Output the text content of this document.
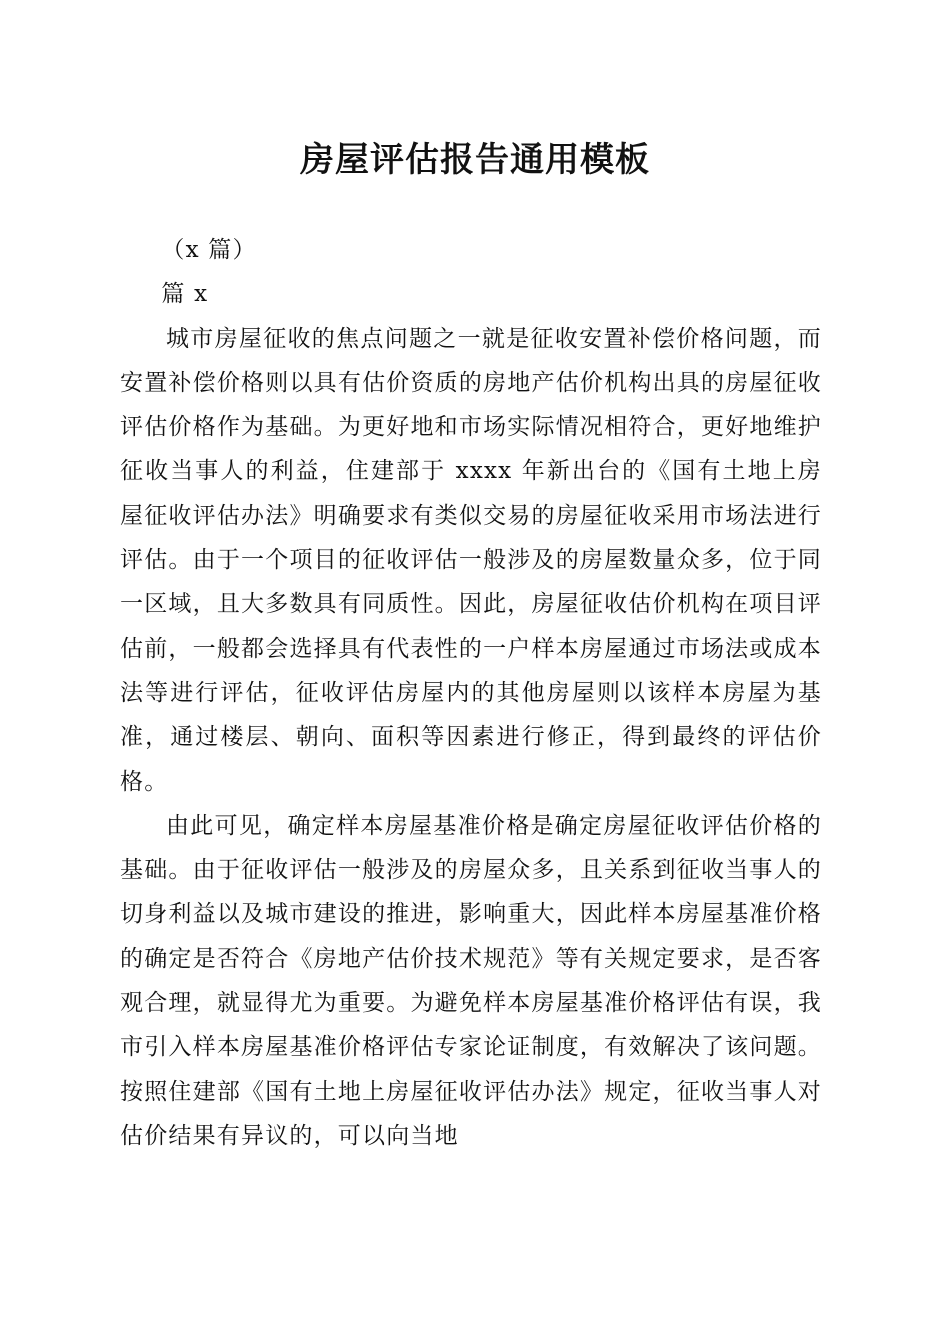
房屋评估报告通用模板

（x 篇）

篇 x

城市房屋征收的焦点问题之一就是征收安置补偿价格问题，而安置补偿价格则以具有估价资质的房地产估价机构出具的房屋征收评估价格作为基础。为更好地和市场实际情况相符合，更好地维护征收当事人的利益，住建部于 xxxx 年新出台的《国有土地上房屋征收评估办法》明确要求有类似交易的房屋征收采用市场法进行评估。由于一个项目的征收评估一般涉及的房屋数量众多，位于同一区域，且大多数具有同质性。因此，房屋征收估价机构在项目评估前，一般都会选择具有代表性的一户样本房屋通过市场法或成本法等进行评估，征收评估房屋内的其他房屋则以该样本房屋为基准，通过楼层、朝向、面积等因素进行修正，得到最终的评估价格。

由此可见，确定样本房屋基准价格是确定房屋征收评估价格的基础。由于征收评估一般涉及的房屋众多，且关系到征收当事人的切身利益以及城市建设的推进，影响重大，因此样本房屋基准价格的确定是否符合《房地产估价技术规范》等有关规定要求，是否客观合理，就显得尤为重要。为避免样本房屋基准价格评估有误，我市引入样本房屋基准价格评估专家论证制度，有效解决了该问题。按照住建部《国有土地上房屋征收评估办法》规定，征收当事人对估价结果有异议的，可以向当地
